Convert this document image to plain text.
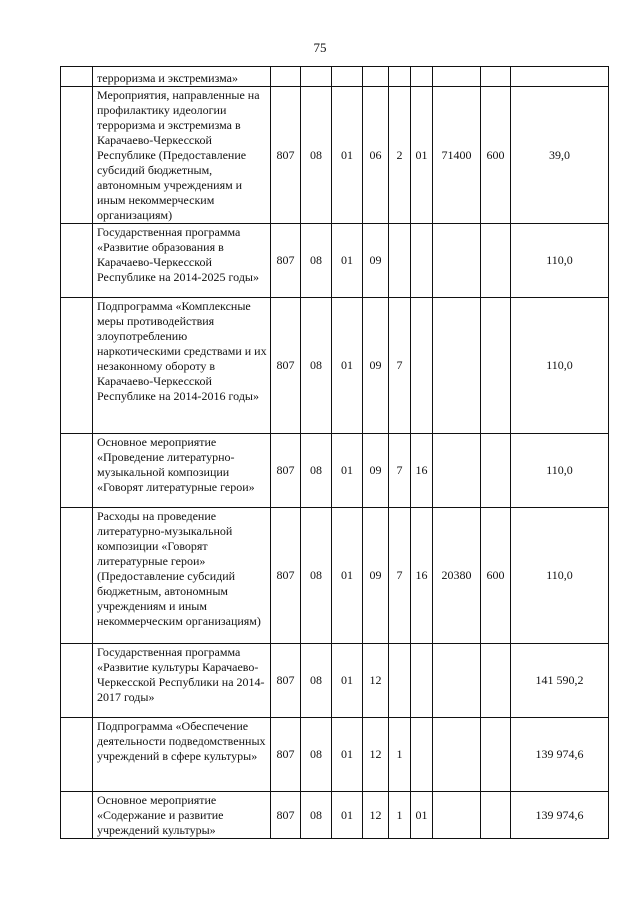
75
	терроризма и экстремизма»									
	Мероприятия, направленные на профилактику идеологии терроризма и экстремизма в Карачаево-Черкесской Республике (Предоставление субсидий бюджетным, автономным учреждениям и иным некоммерческим организациям)	807	08	01	06	2	01	71400	600	39,0
	Государственная программа «Развитие образования в Карачаево-Черкесской Республике на 2014-2025 годы»	807	08	01	09					110,0
	Подпрограмма «Комплексные меры противодействия злоупотреблению наркотическими средствами и их незаконному обороту в Карачаево-Черкесской Республике на 2014-2016 годы»	807	08	01	09	7				110,0
	Основное мероприятие «Проведение литературно-музыкальной композиции «Говорят литературные герои»	807	08	01	09	7	16			110,0
	Расходы на проведение литературно-музыкальной композиции «Говорят литературные герои» (Предоставление субсидий бюджетным, автономным учреждениям и иным некоммерческим организациям)	807	08	01	09	7	16	20380	600	110,0
	Государственная программа «Развитие культуры Карачаево-Черкесской Республики на 2014-2017 годы»	807	08	01	12					141 590,2
	Подпрограмма «Обеспечение деятельности подведомственных учреждений в сфере культуры»	807	08	01	12	1				139 974,6
	Основное мероприятие «Содержание и развитие учреждений культуры»	807	08	01	12	1	01			139 974,6
